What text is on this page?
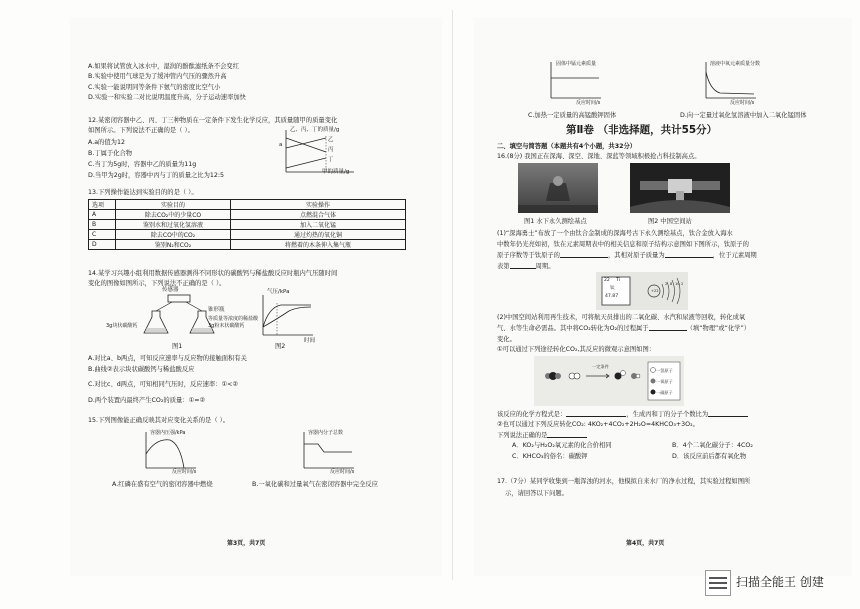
A.如果将试管放入冰水中，湿润的酚酞滤纸条不会变红
B.实验中使用气球是为了缓冲管内气压的骤然升高
C.实验一能说明同等条件下氨气的密度比空气小
D.实验一和实验二对比说明温度升高，分子运动速率加快
12.某密闭容器中乙、丙、丁三种物质在一定条件下发生化学反应，其质量随甲的质量变化
如图所示。下列说法不正确的是（ ）。
A.a的值为12
B.丁属于化合物
C.当丁为5g时，容器中乙的质量为11g
D.当甲为2g时，容器中丙与丁的质量之比为12:5
乙、丙、丁的质量/g
乙
丙
丁
a
甲的质量/g
13.下列操作能达到实验目的的是（ ）。
选项	实验目的	实验操作
A	除去CO₂中的少量CO	点燃混合气体
B	鉴别水和过氧化氢溶液	加入二氧化锰
C	除去CO中的CO₂	通过灼热的氧化铜
D	鉴别N₂和CO₂	将燃着的木条伸入集气瓶
14.某学习兴趣小组利用数据传感器测得不同形状的碳酸钙与稀盐酸反应时瓶内气压随时间
变化的图像如图所示，下列说法不正确的是（ ）。
传感器
锥形瓶
3g块状碳酸钙	3g粉末状碳酸钙
等质量等浓度的稀盐酸
图1
气压/kPa
时间
图2
A.对比a、b两点，可知反应速率与反应物的接触面积有关
B.曲线②表示块状碳酸钙与稀盐酸反应
C.对比c、d两点，可知相同气压时，反应速率：①<②
D.两个装置内最终产生CO₂的质量：①=②
15.下列图像能正确反映其对应变化关系的是（ ）。
容器内压强/kPa
反应时间/s
容器内分子总数
反应时间/s
A.红磷在盛有空气的密闭容器中燃烧	B.一氧化碳和过量氧气在密闭容器中完全反应
第3页，共7页
固体中锰元素质量
反应时间/s
溶液中氧元素质量分数
反应时间/s
C.加热一定质量的高锰酸钾固体	D.向一定量过氧化氢溶液中加入二氧化锰固体
第Ⅱ卷 （非选择题，共计55分）
二、填空与简答题（本题共有4个小题，共32分）
16.(8分) 我国正在深海、深空、深地、深蓝等领域积极抢占科技制高点。
图1 水下永久测绘基点	图2 中国空间站
(1)“深海勇士”布放了一个由钛合金制成的深海号古下永久测绘基点，钛合金放入海水
中数年仍光亮如初，钛在元素周期表中的相关信息和原子结构示意图如下图所示，钛原子的
原子序数等于钛原子的	，其相对原子质量为	，位于元素周期
表第	周期。
22 Ti
钛
47.87
+22
2 8 10 2
(2)中国空间站利用再生技术，可将航天员排出的二氧化碳、水汽和尿液等回收，转化成氧
气、水等生命必需品。其中将CO₂转化为O₂的过程属于	（填“物理”或“化学”）
变化。
①可以通过下列途径转化CO₂,其反应的微观示意图如图：
一定条件
一氢原子
一氧原子
一碳原子
该反应的化学方程式是：	，生成丙和丁的分子个数比为
②也可以通过下列反应转化CO₂: 4KO₂+4CO₂+2H₂O=4KHCO₃+3O₂。
下列说法正确的是
A．KO₂与H₂O₂氧元素的化合价相同	B．4个二氧化碳分子：4CO₂
C．KHCO₃的俗名：碳酸钾	D．该反应前后都有氧化物
17.（7分）某同学收集到一瓶浑浊的河水，他模拟自来水厂的净水过程，其实验过程如图所
示，请回答以下问题。
第4页，共7页
扫描全能王 创建
